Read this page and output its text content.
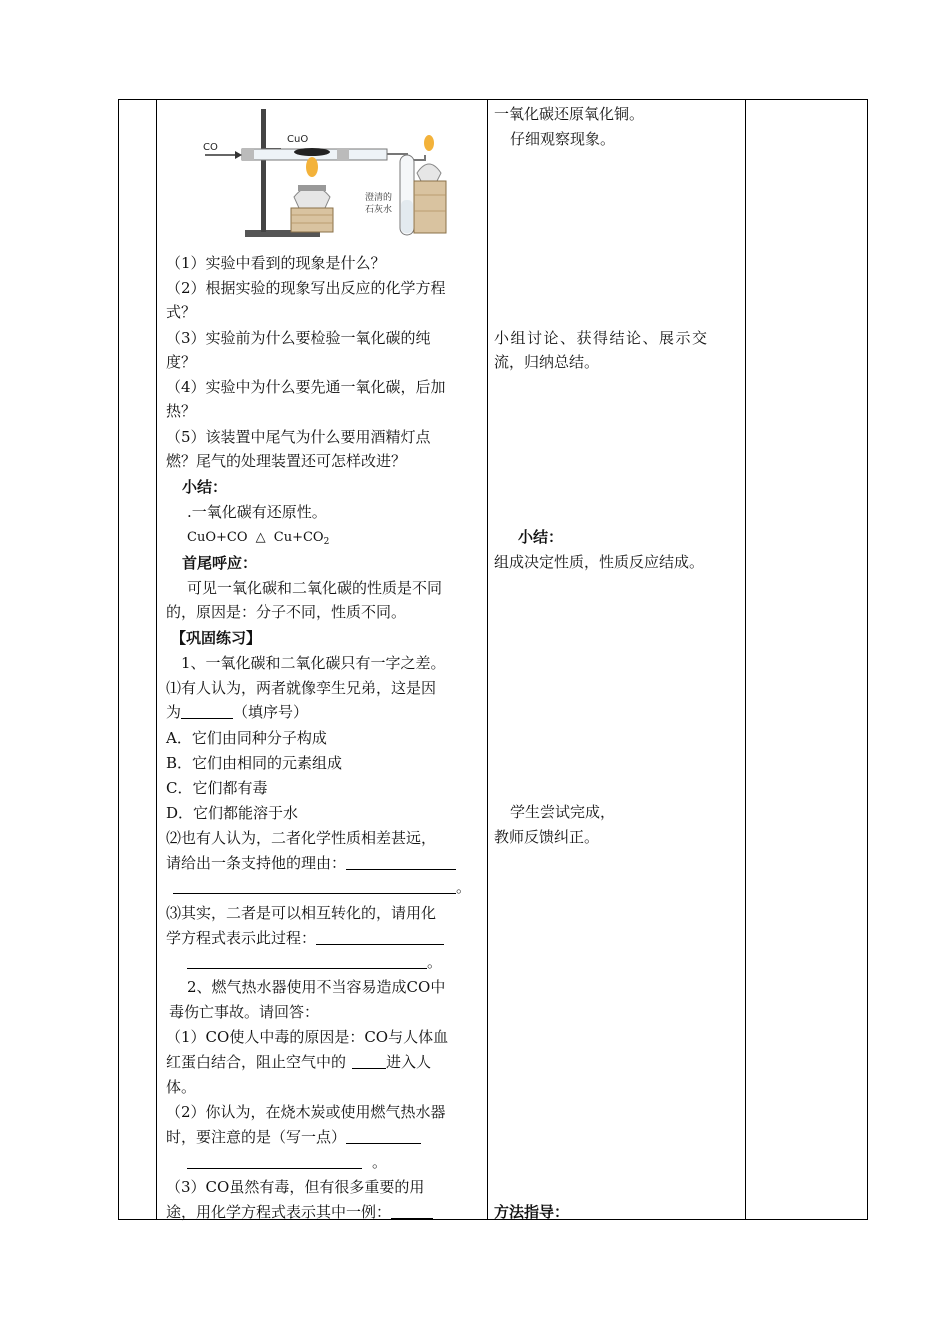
CO
CuO
澄清的
石灰水
（1）实验中看到的现象是什么？
（2）根据实验的现象写出反应的化学方程
式？
（3）实验前为什么要检验一氧化碳的纯
度？
（4）实验中为什么要先通一氧化碳，后加
热？
（5）该装置中尾气为什么要用酒精灯点
燃？尾气的处理装置还可怎样改进？
小结：
.一氧化碳有还原性。
CuO+CO △ $Cu+CO_2$
首尾呼应：
可见一氧化碳和二氧化碳的性质是不同
的，原因是：分子不同，性质不同。
【巩固练习】
1、一氧化碳和二氧化碳只有一字之差。
⑴有人认为，两者就像孪生兄弟，这是因
为	（填序号）
A．它们由同种分子构成
B．它们由相同的元素组成
C．它们都有毒
D．它们都能溶于水
⑵也有人认为，二者化学性质相差甚远，
请给出一条支持他的理由：
。
⑶其实，二者是可以相互转化的，请用化
学方程式表示此过程：
。
2、燃气热水器使用不当容易造成CO中
毒伤亡事故。请回答：
（1）CO使人中毒的原因是：CO与人体血
红蛋白结合，阻止空气中的	进入人
体。
（2）你认为，在烧木炭或使用燃气热水器
时，要注意的是（写一点）
。
（3）CO虽然有毒，但有很多重要的用
途，用化学方程式表示其中一例：
一氧化碳还原氧化铜。
仔细观察现象。
小组讨论、获得结论、展示交
流，归纳总结。
小结：
组成决定性质，性质反应结成。
学生尝试完成，
教师反馈纠正。
方法指导：
